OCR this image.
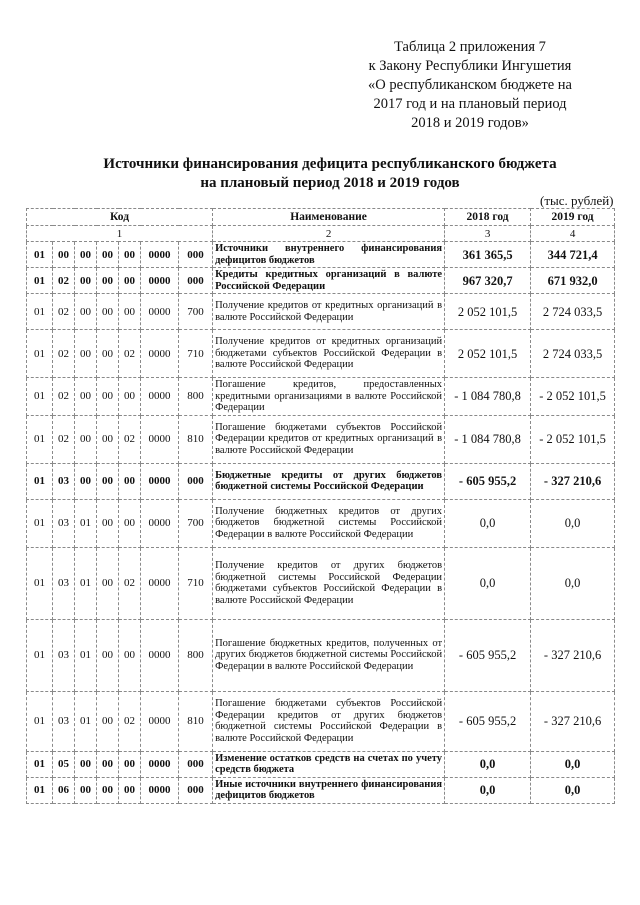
Таблица 2 приложения 7
к Закону Республики Ингушетия
«О республиканском бюджете на
2017 год и на плановый период
2018 и 2019 годов»
Источники финансирования дефицита республиканского бюджета
на плановый период 2018 и 2019 годов
(тыс. рублей)
Код							Наименование	2018 год	2019 год
1							2	3	4
01	00	00	00	00	0000	000	Источники внутреннего финансирования дефицитов бюджетов	361 365,5	344 721,4
01	02	00	00	00	0000	000	Кредиты кредитных организаций в валюте Российской Федерации	967 320,7	671 932,0
01	02	00	00	00	0000	700	Получение кредитов от кредитных организаций в валюте Российской Федерации	2 052 101,5	2 724 033,5
01	02	00	00	02	0000	710	Получение кредитов от кредитных организаций бюджетами субъектов Российской Федерации в валюте Российской Федерации	2 052 101,5	2 724 033,5
01	02	00	00	00	0000	800	Погашение кредитов, предоставленных кредитными организациями в валюте Российской Федерации	- 1 084 780,8	- 2 052 101,5
01	02	00	00	02	0000	810	Погашение бюджетами субъектов Российской Федерации кредитов от кредитных организаций в валюте Российской Федерации	- 1 084 780,8	- 2 052 101,5
01	03	00	00	00	0000	000	Бюджетные кредиты от других бюджетов бюджетной системы Российской Федерации	- 605 955,2	- 327 210,6
01	03	01	00	00	0000	700	Получение бюджетных кредитов от других бюджетов бюджетной системы Российской Федерации в валюте Российской Федерации	0,0	0,0
01	03	01	00	02	0000	710	Получение кредитов от других бюджетов бюджетной системы Российской Федерации бюджетами субъектов Российской Федерации в валюте Российской Федерации	0,0	0,0
01	03	01	00	00	0000	800	Погашение бюджетных кредитов, полученных от других бюджетов бюджетной системы Российской Федерации в валюте Российской Федерации	- 605 955,2	- 327 210,6
01	03	01	00	02	0000	810	Погашение бюджетами субъектов Российской Федерации кредитов от других бюджетов бюджетной системы Российской Федерации в валюте Российской Федерации	- 605 955,2	- 327 210,6
01	05	00	00	00	0000	000	Изменение остатков средств на счетах по учету средств бюджета	0,0	0,0
01	06	00	00	00	0000	000	Иные источники внутреннего финансирования дефицитов бюджетов	0,0	0,0
